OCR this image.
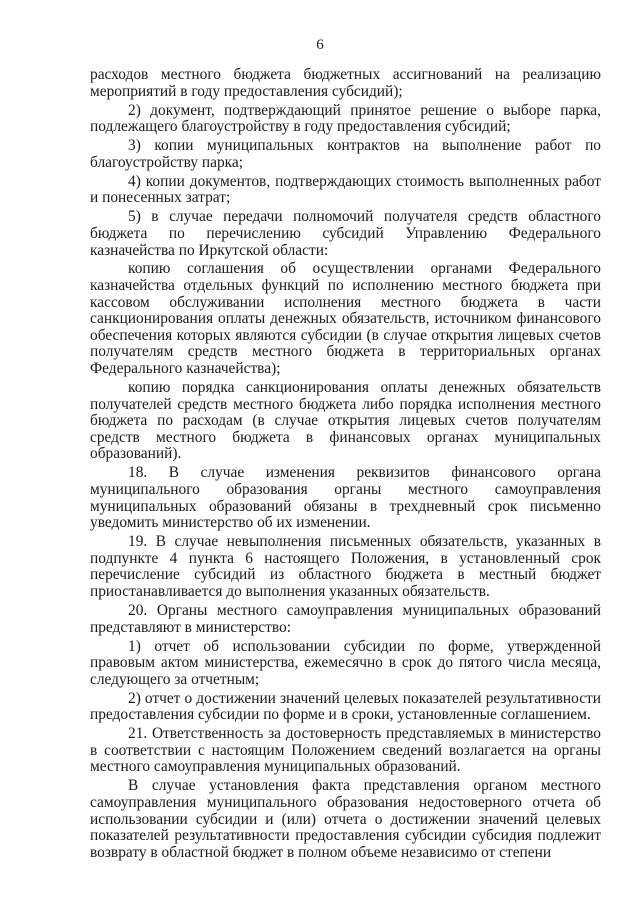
6

расходов местного бюджета бюджетных ассигнований на реализацию мероприятий в году предоставления субсидий);

2) документ, подтверждающий принятое решение о выборе парка, подлежащего благоустройству в году предоставления субсидий;

3) копии муниципальных контрактов на выполнение работ по благоустройству парка;

4) копии документов, подтверждающих стоимость выполненных работ и понесенных затрат;

5) в случае передачи полномочий получателя средств областного бюджета по перечислению субсидий Управлению Федерального казначейства по Иркутской области:

копию соглашения об осуществлении органами Федерального казначейства отдельных функций по исполнению местного бюджета при кассовом обслуживании исполнения местного бюджета в части санкционирования оплаты денежных обязательств, источником финансового обеспечения которых являются субсидии (в случае открытия лицевых счетов получателям средств местного бюджета в территориальных органах Федерального казначейства);

копию порядка санкционирования оплаты денежных обязательств получателей средств местного бюджета либо порядка исполнения местного бюджета по расходам (в случае открытия лицевых счетов получателям средств местного бюджета в финансовых органах муниципальных образований).

18. В случае изменения реквизитов финансового органа муниципального образования органы местного самоуправления муниципальных образований обязаны в трехдневный срок письменно уведомить министерство об их изменении.

19. В случае невыполнения письменных обязательств, указанных в подпункте 4 пункта 6 настоящего Положения, в установленный срок перечисление субсидий из областного бюджета в местный бюджет приостанавливается до выполнения указанных обязательств.

20. Органы местного самоуправления муниципальных образований представляют в министерство:

1) отчет об использовании субсидии по форме, утвержденной правовым актом министерства, ежемесячно в срок до пятого числа месяца, следующего за отчетным;

2) отчет о достижении значений целевых показателей результативности предоставления субсидии по форме и в сроки, установленные соглашением.

21. Ответственность за достоверность представляемых в министерство в соответствии с настоящим Положением сведений возлагается на органы местного самоуправления муниципальных образований.

В случае установления факта представления органом местного самоуправления муниципального образования недостоверного отчета об использовании субсидии и (или) отчета о достижении значений целевых показателей результативности предоставления субсидии субсидия подлежит возврату в областной бюджет в полном объеме независимо от степени
